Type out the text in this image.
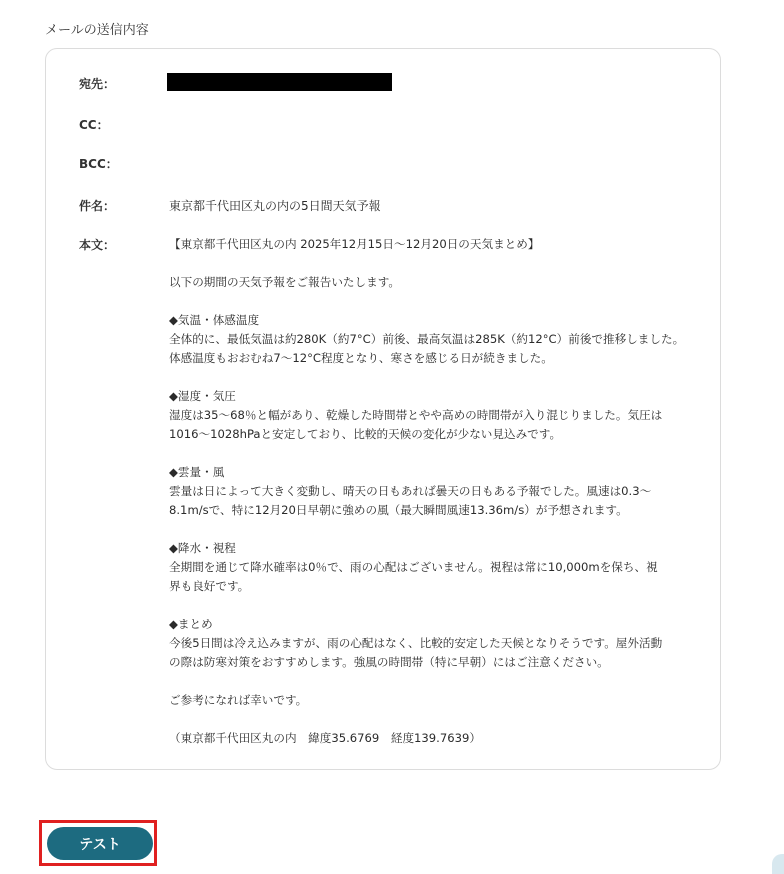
メールの送信内容
宛先：
CC：
BCC：
件名：	東京都千代田区丸の内の5日間天気予報
本文：	【東京都千代田区丸の内 2025年12月15日〜12月20日の天気まとめ】
以下の期間の天気予報をご報告いたします。
◆気温・体感温度
全体的に、最低気温は約280K（約7°C）前後、最高気温は285K（約12°C）前後で推移しました。
体感温度もおおむね7〜12°C程度となり、寒さを感じる日が続きました。
◆湿度・気圧
湿度は35〜68％と幅があり、乾燥した時間帯とやや高めの時間帯が入り混じりました。気圧は
1016〜1028hPaと安定しており、比較的天候の変化が少ない見込みです。
◆雲量・風
雲量は日によって大きく変動し、晴天の日もあれば曇天の日もある予報でした。風速は0.3〜
8.1m/sで、特に12月20日早朝に強めの風（最大瞬間風速13.36m/s）が予想されます。
◆降水・視程
全期間を通じて降水確率は0％で、雨の心配はございません。視程は常に10,000mを保ち、視
界も良好です。
◆まとめ
今後5日間は冷え込みますが、雨の心配はなく、比較的安定した天候となりそうです。屋外活動
の際は防寒対策をおすすめします。強風の時間帯（特に早朝）にはご注意ください。
ご参考になれば幸いです。
（東京都千代田区丸の内　緯度35.6769　経度139.7639）
テスト
